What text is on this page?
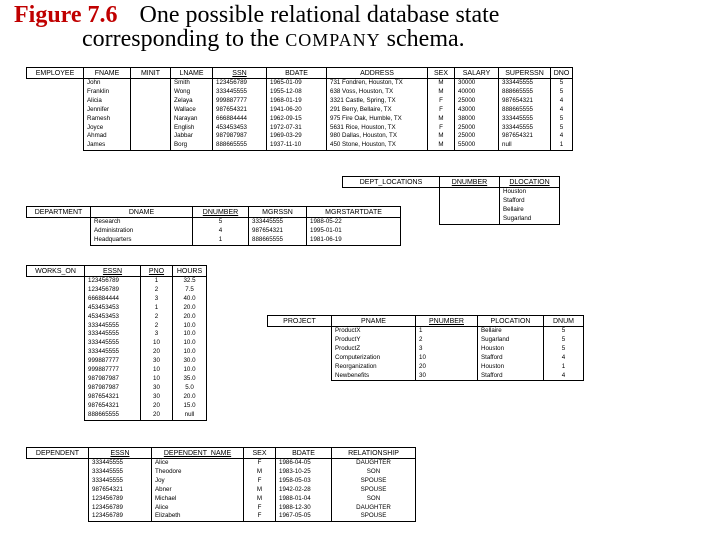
Figure 7.6 One possible relational database state
corresponding to the COMPANY schema.
EMPLOYEE	FNAME	MINIT	LNAME	SSN	BDATE	ADDRESS	SEX	SALARY	SUPERSSN	DNO
	John		Smith	123456789	1965-01-09	731 Fondren, Houston, TX	M	30000	333445555	5
	Franklin		Wong	333445555	1955-12-08	638 Voss, Houston, TX	M	40000	888665555	5
	Alicia		Zelaya	999887777	1968-01-19	3321 Castle, Spring, TX	F	25000	987654321	4
	Jennifer		Wallace	987654321	1941-06-20	291 Berry, Bellaire, TX	F	43000	888665555	4
	Ramesh		Narayan	666884444	1962-09-15	975 Fire Oak, Humble, TX	M	38000	333445555	5
	Joyce		English	453453453	1972-07-31	5631 Rice, Houston, TX	F	25000	333445555	5
	Ahmad		Jabbar	987987987	1969-03-29	980 Dallas, Houston, TX	M	25000	987654321	4
	James		Borg	888665555	1937-11-10	450 Stone, Houston, TX	M	55000	null	1
DEPT_LOCATIONS	DNUMBER	DLOCATION
		Houston
		Stafford
		Bellaire
		Sugarland
DEPARTMENT	DNAME	DNUMBER	MGRSSN	MGRSTARTDATE
	Research	5	333445555	1988-05-22
	Administration	4	987654321	1995-01-01
	Headquarters	1	888665555	1981-06-19
WORKS_ON	ESSN	PNO	HOURS
	123456789	1	32.5
	123456789	2	7.5
	666884444	3	40.0
	453453453	1	20.0
	453453453	2	20.0
	333445555	2	10.0
	333445555	3	10.0
	333445555	10	10.0
	333445555	20	10.0
	999887777	30	30.0
	999887777	10	10.0
	987987987	10	35.0
	987987987	30	5.0
	987654321	30	20.0
	987654321	20	15.0
	888665555	20	null
PROJECT	PNAME	PNUMBER	PLOCATION	DNUM
	ProductX	1	Bellaire	5
	ProductY	2	Sugarland	5
	ProductZ	3	Houston	5
	Computerization	10	Stafford	4
	Reorganization	20	Houston	1
	Newbenefits	30	Stafford	4
DEPENDENT	ESSN	DEPENDENT_NAME	SEX	BDATE	RELATIONSHIP
	333445555	Alice	F	1986-04-05	DAUGHTER
	333445555	Theodore	M	1983-10-25	SON
	333445555	Joy	F	1958-05-03	SPOUSE
	987654321	Abner	M	1942-02-28	SPOUSE
	123456789	Michael	M	1988-01-04	SON
	123456789	Alice	F	1988-12-30	DAUGHTER
	123456789	Elizabeth	F	1967-05-05	SPOUSE
